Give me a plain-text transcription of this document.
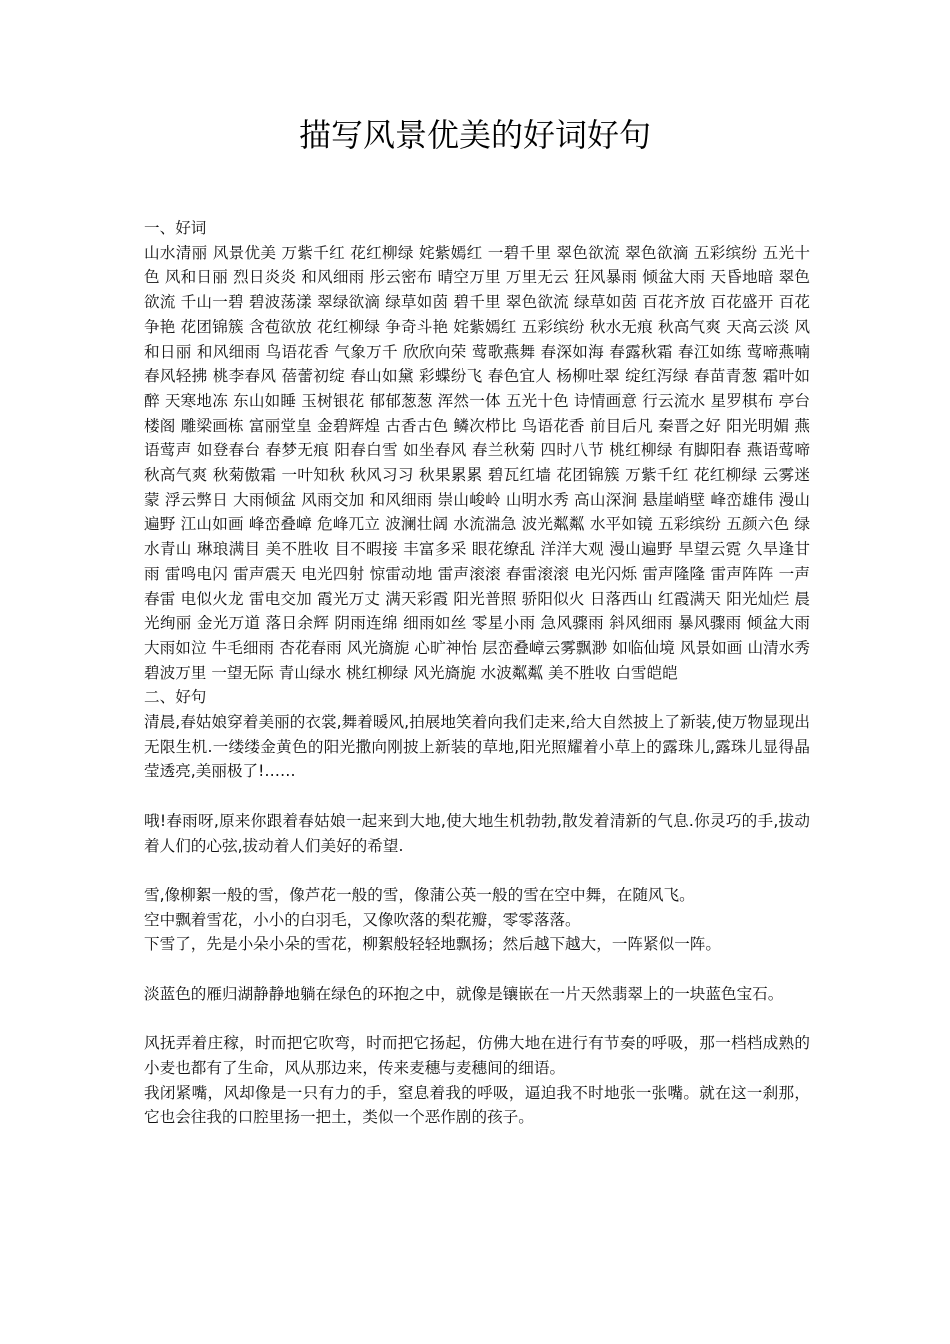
描写风景优美的好词好句

一、好词

山水清丽 风景优美 万紫千红 花红柳绿 姹紫嫣红 一碧千里 翠色欲流 翠色欲滴 五彩缤纷 五光十色 风和日丽 烈日炎炎 和风细雨 彤云密布 晴空万里 万里无云 狂风暴雨 倾盆大雨 天昏地暗 翠色欲流 千山一碧 碧波荡漾 翠绿欲滴 绿草如茵 碧千里 翠色欲流 绿草如茵 百花齐放 百花盛开 百花争艳 花团锦簇 含苞欲放 花红柳绿 争奇斗艳 姹紫嫣红 五彩缤纷 秋水无痕 秋高气爽 天高云淡 风和日丽 和风细雨 鸟语花香 气象万千 欣欣向荣 莺歌燕舞 春深如海 春露秋霜 春江如练 莺啼燕喃 春风轻拂 桃李春风 蓓蕾初绽 春山如黛 彩蝶纷飞 春色宜人 杨柳吐翠 绽红泻绿 春苗青葱 霜叶如醉 天寒地冻 东山如睡 玉树银花 郁郁葱葱 浑然一体 五光十色 诗情画意 行云流水 星罗棋布 亭台楼阁 雕梁画栋 富丽堂皇 金碧辉煌 古香古色 鳞次栉比 鸟语花香 前目后凡 秦晋之好 阳光明媚 燕语莺声 如登春台 春梦无痕 阳春白雪 如坐春风 春兰秋菊 四时八节 桃红柳绿 有脚阳春 燕语莺啼 秋高气爽 秋菊傲霜 一叶知秋 秋风习习 秋果累累 碧瓦红墙 花团锦簇 万紫千红 花红柳绿 云雾迷蒙 浮云弊日 大雨倾盆 风雨交加 和风细雨 崇山峻岭 山明水秀 高山深涧 悬崖峭壁 峰峦雄伟 漫山遍野 江山如画 峰峦叠嶂 危峰兀立 波澜壮阔 水流湍急 波光粼粼 水平如镜 五彩缤纷 五颜六色 绿水青山 琳琅满目 美不胜收 目不暇接 丰富多采 眼花缭乱 洋洋大观 漫山遍野 旱望云霓 久旱逢甘雨 雷鸣电闪 雷声震天 电光四射 惊雷动地 雷声滚滚 春雷滚滚 电光闪烁 雷声隆隆 雷声阵阵 一声春雷 电似火龙 雷电交加 霞光万丈 满天彩霞 阳光普照 骄阳似火 日落西山 红霞满天 阳光灿烂 晨光绚丽 金光万道 落日余辉 阴雨连绵 细雨如丝 零星小雨 急风骤雨 斜风细雨 暴风骤雨 倾盆大雨 大雨如泣 牛毛细雨 杏花春雨 风光旖旎 心旷神怡 层峦叠嶂云雾飘渺 如临仙境 风景如画 山清水秀 碧波万里 一望无际 青山绿水 桃红柳绿 风光旖旎 水波粼粼 美不胜收 白雪皑皑

二、好句

清晨,春姑娘穿着美丽的衣裳,舞着暖风,拍展地笑着向我们走来,给大自然披上了新装,使万物显现出无限生机.一缕缕金黄色的阳光撒向刚披上新装的草地,阳光照耀着小草上的露珠儿,露珠儿显得晶莹透亮,美丽极了!……

哦!春雨呀,原来你跟着春姑娘一起来到大地,使大地生机勃勃,散发着清新的气息.你灵巧的手,拔动着人们的心弦,拔动着人们美好的希望.

雪,像柳絮一般的雪，像芦花一般的雪，像蒲公英一般的雪在空中舞，在随风飞。

空中飘着雪花，小小的白羽毛，又像吹落的梨花瓣，零零落落。

下雪了，先是小朵小朵的雪花，柳絮般轻轻地飘扬；然后越下越大，一阵紧似一阵。

淡蓝色的雁归湖静静地躺在绿色的环抱之中，就像是镶嵌在一片天然翡翠上的一块蓝色宝石。

风抚弄着庄稼，时而把它吹弯，时而把它扬起，仿佛大地在进行有节奏的呼吸，那一档档成熟的小麦也都有了生命，风从那边来，传来麦穗与麦穗间的细语。

我闭紧嘴，风却像是一只有力的手，窒息着我的呼吸，逼迫我不时地张一张嘴。就在这一刹那，它也会往我的口腔里扬一把土，类似一个恶作剧的孩子。
